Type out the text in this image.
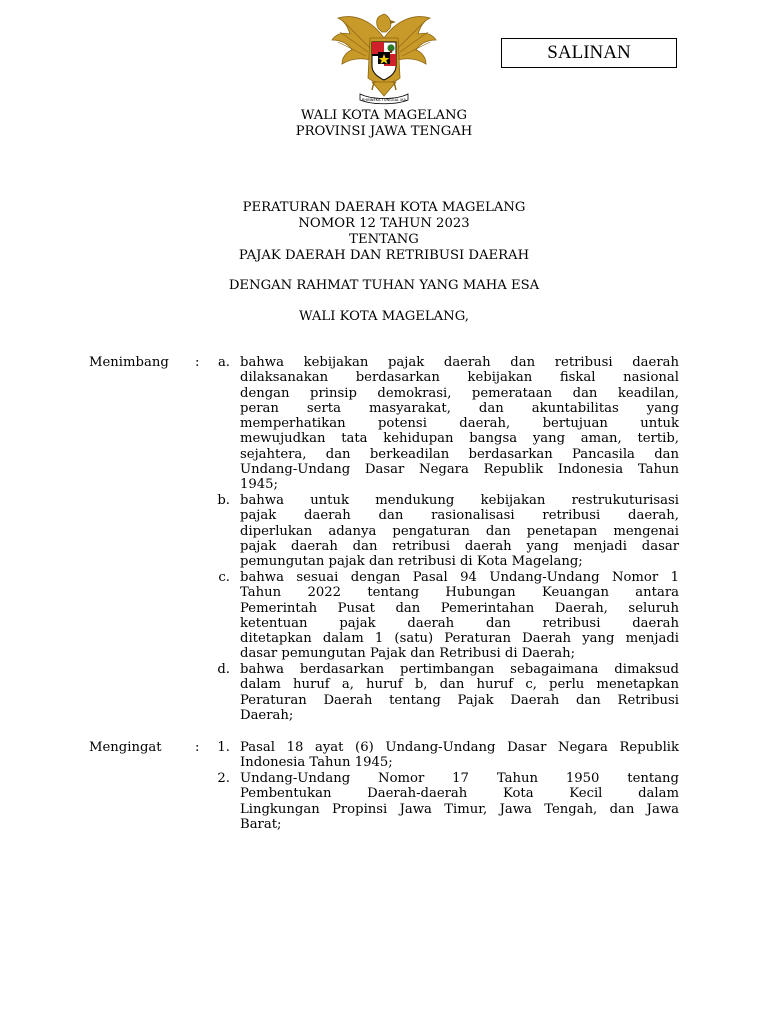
BHINNEKA TUNGGAL IKA
SALINAN
WALI KOTA MAGELANG
PROVINSI JAWA TENGAH
PERATURAN DAERAH KOTA MAGELANG
NOMOR 12 TAHUN 2023
TENTANG
PAJAK DAERAH DAN RETRIBUSI DAERAH
DENGAN RAHMAT TUHAN YANG MAHA ESA
WALI KOTA MAGELANG,
Menimbang :	a. bahwa kebijakan pajak daerah dan retribusi daerah
dilaksanakan berdasarkan kebijakan fiskal nasional
dengan prinsip demokrasi, pemerataan dan keadilan,
peran serta masyarakat, dan akuntabilitas yang
memperhatikan potensi daerah, bertujuan untuk
mewujudkan tata kehidupan bangsa yang aman, tertib,
sejahtera, dan berkeadilan berdasarkan Pancasila dan
Undang-Undang Dasar Negara Republik Indonesia Tahun
1945;
b. bahwa untuk mendukung kebijakan restrukuturisasi
pajak daerah dan rasionalisasi retribusi daerah,
diperlukan adanya pengaturan dan penetapan mengenai
pajak daerah dan retribusi daerah yang menjadi dasar
pemungutan pajak dan retribusi di Kota Magelang;
c. bahwa sesuai dengan Pasal 94 Undang-Undang Nomor 1
Tahun 2022 tentang Hubungan Keuangan antara
Pemerintah Pusat dan Pemerintahan Daerah, seluruh
ketentuan pajak daerah dan retribusi daerah
ditetapkan dalam 1 (satu) Peraturan Daerah yang menjadi
dasar pemungutan Pajak dan Retribusi di Daerah;
d. bahwa berdasarkan pertimbangan sebagaimana dimaksud
dalam huruf a, huruf b, dan huruf c, perlu menetapkan
Peraturan Daerah tentang Pajak Daerah dan Retribusi
Daerah;
Mengingat	:	1. Pasal 18 ayat (6) Undang-Undang Dasar Negara Republik
Indonesia Tahun 1945;
2. Undang-Undang Nomor 17 Tahun 1950 tentang
Pembentukan Daerah-daerah Kota Kecil dalam
Lingkungan Propinsi Jawa Timur, Jawa Tengah, dan Jawa
Barat;
